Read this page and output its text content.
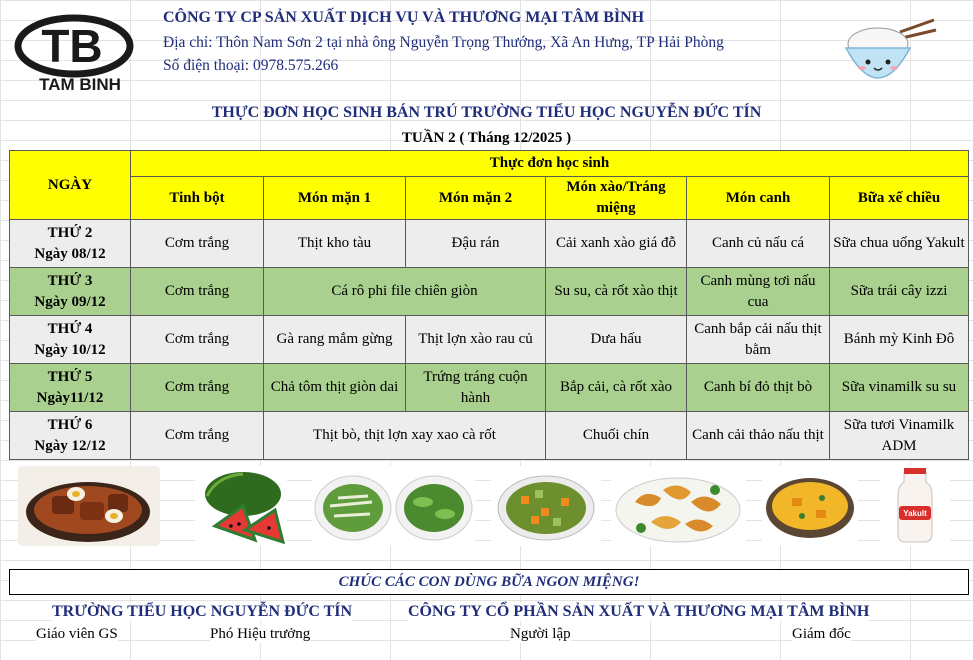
TB
TAM BINH
CÔNG TY CP SẢN XUẤT DỊCH VỤ VÀ THƯƠNG MẠI TÂM BÌNH
Địa chỉ: Thôn Nam Sơn 2 tại nhà ông Nguyễn Trọng Thướng, Xã An Hưng, TP Hải Phòng
Số điện thoại: 0978.575.266
THỰC ĐƠN HỌC SINH BÁN TRÚ TRƯỜNG TIỂU HỌC NGUYỄN ĐỨC TÍN
TUẦN 2 ( Tháng 12/2025 )
NGÀY	Thực đơn học sinh					
	Tinh bột	Món mặn 1	Món mặn 2	Món xào/Tráng miệng	Món canh	Bữa xế chiều
THỨ 2
Ngày 08/12	Cơm trắng	Thịt kho tàu	Đậu rán	Cải xanh xào giá đỗ	Canh củ nấu cá	Sữa chua uống Yakult
THỨ 3
Ngày 09/12	Cơm trắng	Cá rô phi file chiên giòn		Su su, cà rốt xào thịt	Canh mùng tơi nấu cua	Sữa trái cây izzi
THỨ 4
Ngày 10/12	Cơm trắng	Gà rang mắm gừng	Thịt lợn xào rau củ	Dưa hấu	Canh bắp cải nấu thịt bằm	Bánh mỳ Kinh Đô
THỨ 5
Ngày11/12	Cơm trắng	Chả tôm thịt giòn dai	Trứng tráng cuộn hành	Bắp cải, cà rốt xào	Canh bí đỏ thịt bò	Sữa vinamilk su su
THỨ 6
Ngày 12/12	Cơm trắng	Thịt bò, thịt lợn xay xao cà rốt		Chuối chín	Canh cải thảo nấu thịt	Sữa tươi Vinamilk ADM
Yakult
CHÚC CÁC CON DÙNG BỮA NGON MIỆNG!
TRƯỜNG TIỂU HỌC NGUYỄN ĐỨC TÍN	CÔNG TY CỔ PHẦN SẢN XUẤT VÀ THƯƠNG MẠI TÂM BÌNH
Giáo viên GS	Phó Hiệu trưởng	Người lập	Giám đốc
